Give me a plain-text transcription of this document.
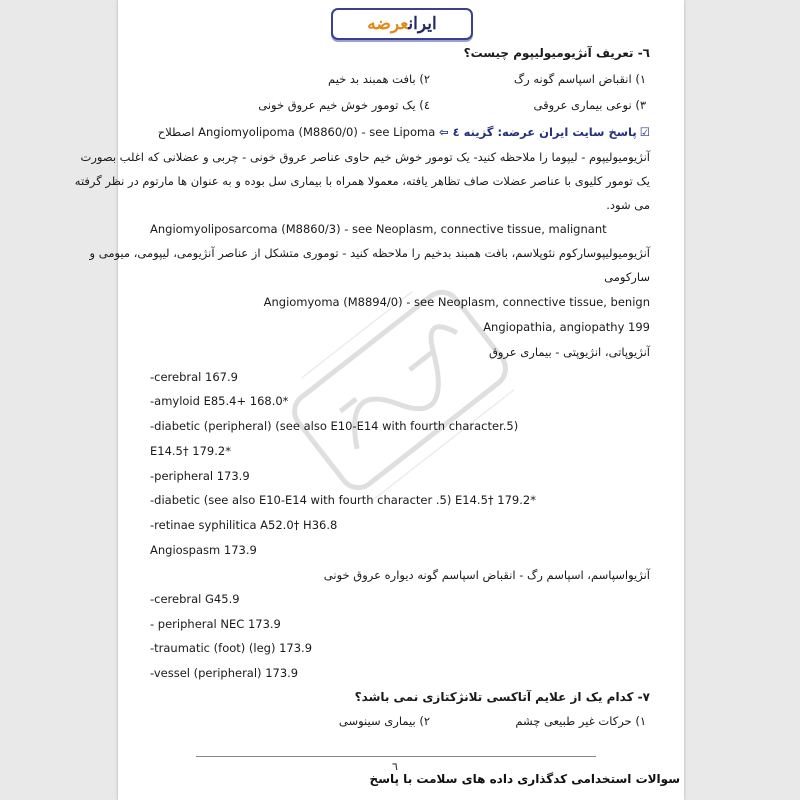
ایرانعرضه
٦- تعریف آنژیومیولیپوم چیست؟
١) انقباض اسپاسم گونه رگ
٢) بافت همبند بد خیم
٣) نوعی بیماری عروقی
٤) یک تومور خوش خیم عروق خونی
☑پاسخ سایت ایران عرضه: گزینه ٤ ⇦ Angiomyolipoma (M8860/0) - see Lipoma اصطلاح
آنژیومیولیپوم - لیپوما را ملاحظه کنید- یک تومور خوش خیم حاوی عناصر عروق خونی - چربی و عضلانی که اغلب بصورت
یک تومور کلیوی با عناصر عضلات صاف تظاهر یافته، معمولا همراه با بیماری سل بوده و به عنوان ها مارتوم در نظر گرفته
می شود.
Angiomyoliposarcoma (M8860/3) - see Neoplasm, connective tissue, malignant
آنژیومیولیپوسارکوم نئوپلاسم، بافت همبند بدخیم را ملاحظه کنید - توموری متشکل از عناصر آنژیومی، لیپومی، میومی و
سارکومی
Angiomyoma (M8894/0) - see Neoplasm, connective tissue, benign
Angiopathia, angiopathy 199
آنژیوپاتی، انژیوپتی - بیماری عروق
-cerebral 167.9
-amyloid E85.4+ 168.0*
-diabetic (peripheral) (see also E10-E14 with fourth character.5)
E14.5† 179.2*
-peripheral 173.9
-diabetic (see also E10-E14 with fourth character .5) E14.5† 179.2*
-retinae syphilitica A52.0† H36.8
Angiospasm 173.9
آنژیواسپاسم، اسپاسم رگ - انقباض اسپاسم گونه دیواره عروق خونی
-cerebral G45.9
- peripheral NEC 173.9
-traumatic (foot) (leg) 173.9
-vessel (peripheral) 173.9
٧- کدام یک از علایم آتاکسی تلانژکتازی نمی باشد؟
١) حرکات غیر طبیعی چشم
٢) بیماری سینوسی
٦
سوالات استخدامی کدگذاری داده های سلامت با پاسخ
